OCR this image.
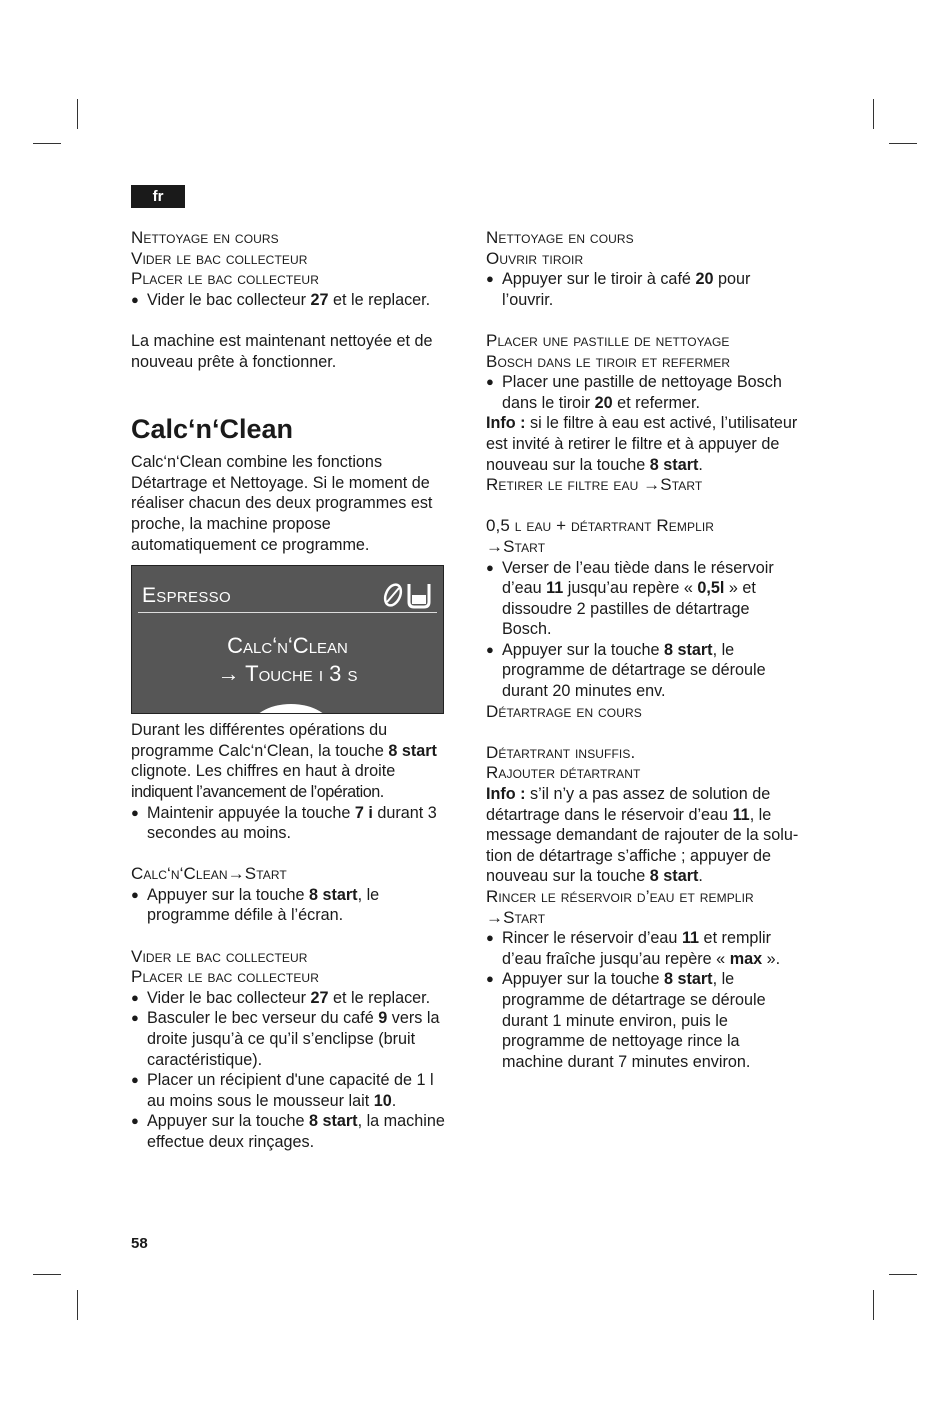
fr

Nettoyage en cours

Vider le bac collecteur

Placer le bac collecteur

● Vider le bac collecteur 27 et le replacer.

La machine est maintenant nettoyée et de
nouveau prête à fonctionner.

Calc‘n‘Clean

Calc‘n‘Clean combine les fonctions
Détartrage et Nettoyage. Si le moment de
réaliser chacun des deux programmes est
proche, la machine propose
automatiquement ce programme.

Espresso
Calc‘n‘Clean
→ Touche i 3 s

Durant les différentes opérations du
programme Calc‘n‘Clean, la touche 8 start
clignote. Les chiffres en haut à droite
indiquent l’avancement de l’opération.

● Maintenir appuyée la touche 7 i durant 3
secondes au moins.

Calc‘n‘Clean→Start

● Appuyer sur la touche 8 start, le
programme défile à l’écran.

Vider le bac collecteur

Placer le bac collecteur

● Vider le bac collecteur 27 et le replacer.

● Basculer le bec verseur du café 9 vers la
droite jusqu’à ce qu’il s’enclipse (bruit
caractéristique).

● Placer un récipient d'une capacité de 1 l
au moins sous le mousseur lait 10.

● Appuyer sur la touche 8 start, la machine
effectue deux rinçages.

Nettoyage en cours

Ouvrir tiroir

● Appuyer sur le tiroir à café 20 pour
l’ouvrir.

Placer une pastille de nettoyage

Bosch dans le tiroir et refermer

● Placer une pastille de nettoyage Bosch
dans le tiroir 20 et refermer.

Info : si le filtre à eau est activé, l’utilisateur
est invité à retirer le filtre et à appuyer de
nouveau sur la touche 8 start.

Retirer le filtre eau →Start

0,5 l eau + détartrant Remplir

→Start

● Verser de l’eau tiède dans le réservoir
d’eau 11 jusqu’au repère « 0,5l » et
dissoudre 2 pastilles de détartrage
Bosch.

● Appuyer sur la touche 8 start, le
programme de détartrage se déroule
durant 20 minutes env.

Détartrage en cours

Détartrant insuffis.

Rajouter détartrant

Info : s’il n’y a pas assez de solution de
détartrage dans le réservoir d’eau 11, le
message demandant de rajouter de la solu-
tion de détartrage s’affiche ; appuyer de
nouveau sur la touche 8 start.

Rincer le réservoir d’eau et remplir

→Start

● Rincer le réservoir d’eau 11 et remplir
d’eau fraîche jusqu’au repère « max ».

● Appuyer sur la touche 8 start, le
programme de détartrage se déroule
durant 1 minute environ, puis le
programme de nettoyage rince la
machine durant 7 minutes environ.

58
